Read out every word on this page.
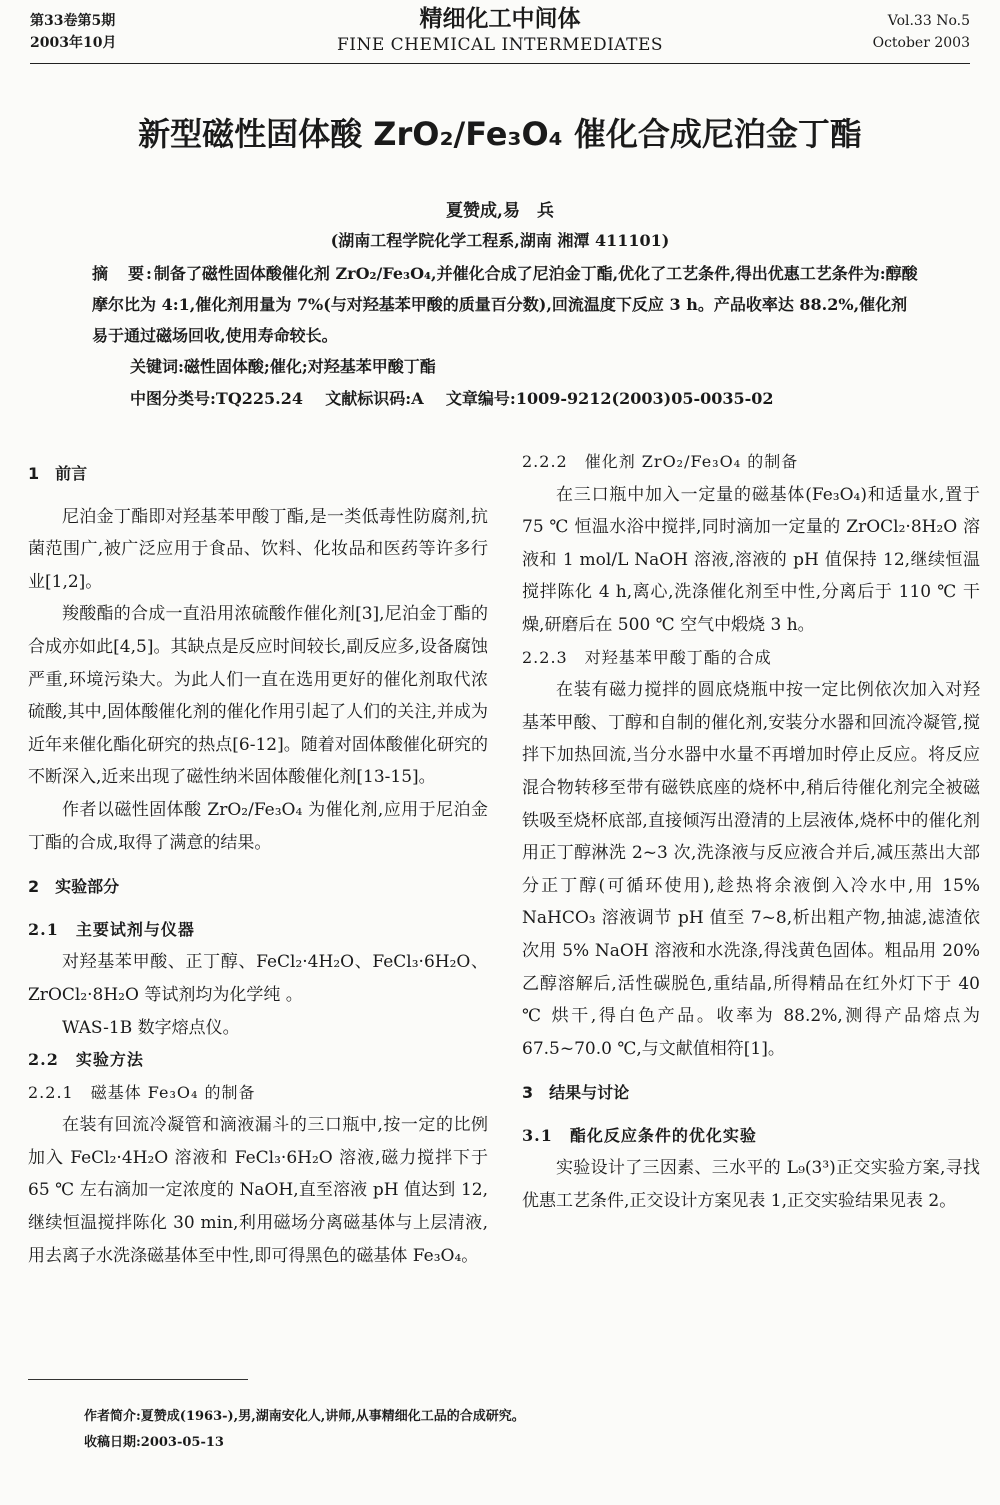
第33卷第5期
2003年10月
精细化工中间体
FINE CHEMICAL INTERMEDIATES
Vol.33 No.5
October 2003
新型磁性固体酸 ZrO₂/Fe₃O₄ 催化合成尼泊金丁酯
夏赞成,易　兵
(湖南工程学院化学工程系,湖南 湘潭 411101)
摘　要:制备了磁性固体酸催化剂 ZrO₂/Fe₃O₄,并催化合成了尼泊金丁酯,优化了工艺条件,得出优惠工艺条件为:醇酸摩尔比为 4:1,催化剂用量为 7%(与对羟基苯甲酸的质量百分数),回流温度下反应 3 h。产品收率达 88.2%,催化剂易于通过磁场回收,使用寿命较长。
关键词:磁性固体酸;催化;对羟基苯甲酸丁酯
中图分类号:TQ225.24 文献标识码:A 文章编号:1009-9212(2003)05-0035-02
1　前言

尼泊金丁酯即对羟基苯甲酸丁酯,是一类低毒性防腐剂,抗菌范围广,被广泛应用于食品、饮料、化妆品和医药等许多行业[1,2]。

羧酸酯的合成一直沿用浓硫酸作催化剂[3],尼泊金丁酯的合成亦如此[4,5]。其缺点是反应时间较长,副反应多,设备腐蚀严重,环境污染大。为此人们一直在选用更好的催化剂取代浓硫酸,其中,固体酸催化剂的催化作用引起了人们的关注,并成为近年来催化酯化研究的热点[6-12]。随着对固体酸催化研究的不断深入,近来出现了磁性纳米固体酸催化剂[13-15]。

作者以磁性固体酸 ZrO₂/Fe₃O₄ 为催化剂,应用于尼泊金丁酯的合成,取得了满意的结果。

2　实验部分
2.1　主要试剂与仪器

对羟基苯甲酸、正丁醇、FeCl₂·4H₂O、FeCl₃·6H₂O、ZrOCl₂·8H₂O 等试剂均为化学纯 。

WAS-1B 数字熔点仪。

2.2　实验方法
2.2.1　磁基体 Fe₃O₄ 的制备

在装有回流冷凝管和滴液漏斗的三口瓶中,按一定的比例加入 FeCl₂·4H₂O 溶液和 FeCl₃·6H₂O 溶液,磁力搅拌下于 65 ℃ 左右滴加一定浓度的 NaOH,直至溶液 pH 值达到 12,继续恒温搅拌陈化 30 min,利用磁场分离磁基体与上层清液,用去离子水洗涤磁基体至中性,即可得黑色的磁基体 Fe₃O₄。

2.2.2　催化剂 ZrO₂/Fe₃O₄ 的制备

在三口瓶中加入一定量的磁基体(Fe₃O₄)和适量水,置于 75 ℃ 恒温水浴中搅拌,同时滴加一定量的 ZrOCl₂·8H₂O 溶液和 1 mol/L NaOH 溶液,溶液的 pH 值保持 12,继续恒温搅拌陈化 4 h,离心,洗涤催化剂至中性,分离后于 110 ℃ 干燥,研磨后在 500 ℃ 空气中煅烧 3 h。

2.2.3　对羟基苯甲酸丁酯的合成

在装有磁力搅拌的圆底烧瓶中按一定比例依次加入对羟基苯甲酸、丁醇和自制的催化剂,安装分水器和回流冷凝管,搅拌下加热回流,当分水器中水量不再增加时停止反应。将反应混合物转移至带有磁铁底座的烧杯中,稍后待催化剂完全被磁铁吸至烧杯底部,直接倾泻出澄清的上层液体,烧杯中的催化剂用正丁醇淋洗 2~3 次,洗涤液与反应液合并后,减压蒸出大部分正丁醇(可循环使用),趁热将余液倒入冷水中,用 15% NaHCO₃ 溶液调节 pH 值至 7~8,析出粗产物,抽滤,滤渣依次用 5% NaOH 溶液和水洗涤,得浅黄色固体。粗品用 20% 乙醇溶解后,活性碳脱色,重结晶,所得精品在红外灯下于 40 ℃ 烘干,得白色产品。收率为 88.2%,测得产品熔点为 67.5~70.0 ℃,与文献值相符[1]。

3　结果与讨论
3.1　酯化反应条件的优化实验

实验设计了三因素、三水平的 L₉(3³)正交实验方案,寻找优惠工艺条件,正交设计方案见表 1,正交实验结果见表 2。

作者简介:夏赞成(1963-),男,湖南安化人,讲师,从事精细化工品的合成研究。
收稿日期:2003-05-13
